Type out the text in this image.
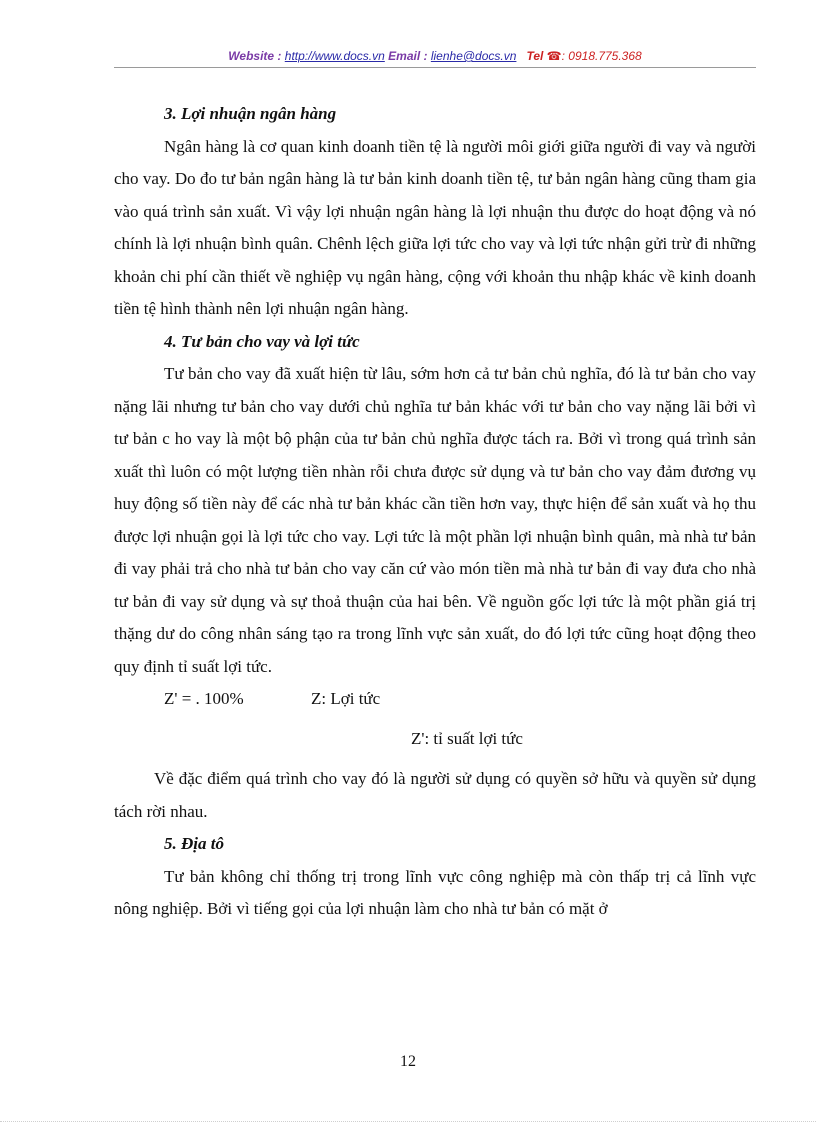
Website : http://www.docs.vn Email : lienhe@docs.vn Tel ☎: 0918.775.368

3. Lợi nhuận ngân hàng

Ngân hàng là cơ quan kinh doanh tiền tệ là người môi giới giữa người đi vay và người cho vay. Do đo tư bản ngân hàng là tư bản kinh doanh tiền tệ, tư bản ngân hàng cũng tham gia vào quá trình sản xuất. Vì vậy lợi nhuận ngân hàng là lợi nhuận thu được do hoạt động và nó chính là lợi nhuận bình quân. Chênh lệch giữa lợi tức cho vay và lợi tức nhận gửi trừ đi những khoản chi phí cần thiết về nghiệp vụ ngân hàng, cộng với khoản thu nhập khác về kinh doanh tiền tệ hình thành nên lợi nhuận ngân hàng.

4. Tư bản cho vay và lợi tức

Tư bản cho vay đã xuất hiện từ lâu, sớm hơn cả tư bản chủ nghĩa, đó là tư bản cho vay nặng lãi nhưng tư bản cho vay dưới chủ nghĩa tư bản khác với tư bản cho vay nặng lãi bởi vì tư bản c ho vay là một bộ phận của tư bản chủ nghĩa được tách ra. Bởi vì trong quá trình sản xuất thì luôn có một lượng tiền nhàn rỗi chưa được sử dụng và tư bản cho vay đảm đương vụ huy động số tiền này để các nhà tư bản khác cần tiền hơn vay, thực hiện để sản xuất và họ thu được lợi nhuận gọi là lợi tức cho vay. Lợi tức là một phần lợi nhuận bình quân, mà nhà tư bản đi vay phải trả cho nhà tư bản cho vay căn cứ vào món tiền mà nhà tư bản đi vay đưa cho nhà tư bản đi vay sử dụng và sự thoả thuận của hai bên. Về nguồn gốc lợi tức là một phần giá trị thặng dư do công nhân sáng tạo ra trong lĩnh vực sản xuất, do đó lợi tức cũng hoạt động theo quy định tỉ suất lợi tức.

Z' = . 100%	Z: Lợi tức
Z': tỉ suất lợi tức

Về đặc điểm quá trình cho vay đó là người sử dụng có quyền sở hữu và quyền sử dụng tách rời nhau.

5. Địa tô

Tư bản không chỉ thống trị trong lĩnh vực công nghiệp mà còn thấp trị cả lĩnh vực nông nghiệp. Bởi vì tiếng gọi của lợi nhuận làm cho nhà tư bản có mặt ở

12
